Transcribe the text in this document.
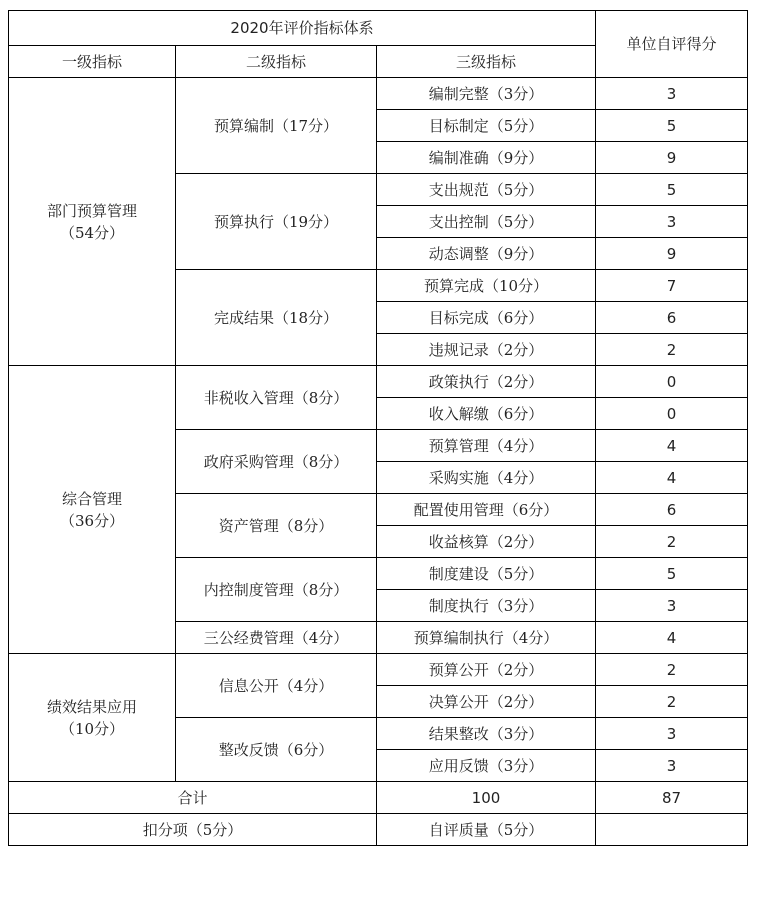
2020年评价指标体系			单位自评得分
一级指标	二级指标	三级指标	

部门预算管理
（54分）	预算编制（17分）	编制完整（3分）	3
		目标制定（5分）	5
		编制准确（9分）	9
	预算执行（19分）	支出规范（5分）	5
		支出控制（5分）	3
		动态调整（9分）	9
	完成结果（18分）	预算完成（10分）	7
		目标完成（6分）	6
		违规记录（2分）	2

综合管理
（36分）	非税收入管理（8分）	政策执行（2分）	0
		收入解缴（6分）	0
	政府采购管理（8分）	预算管理（4分）	4
		采购实施（4分）	4
	资产管理（8分）	配置使用管理（6分）	6
		收益核算（2分）	2
	内控制度管理（8分）	制度建设（5分）	5
		制度执行（3分）	3
	三公经费管理（4分）	预算编制执行（4分）	4

绩效结果应用
（10分）	信息公开（4分）	预算公开（2分）	2
		决算公开（2分）	2
	整改反馈（6分）	结果整改（3分）	3
		应用反馈（3分）	3
合计		100	87
扣分项（5分）		自评质量（5分）	
